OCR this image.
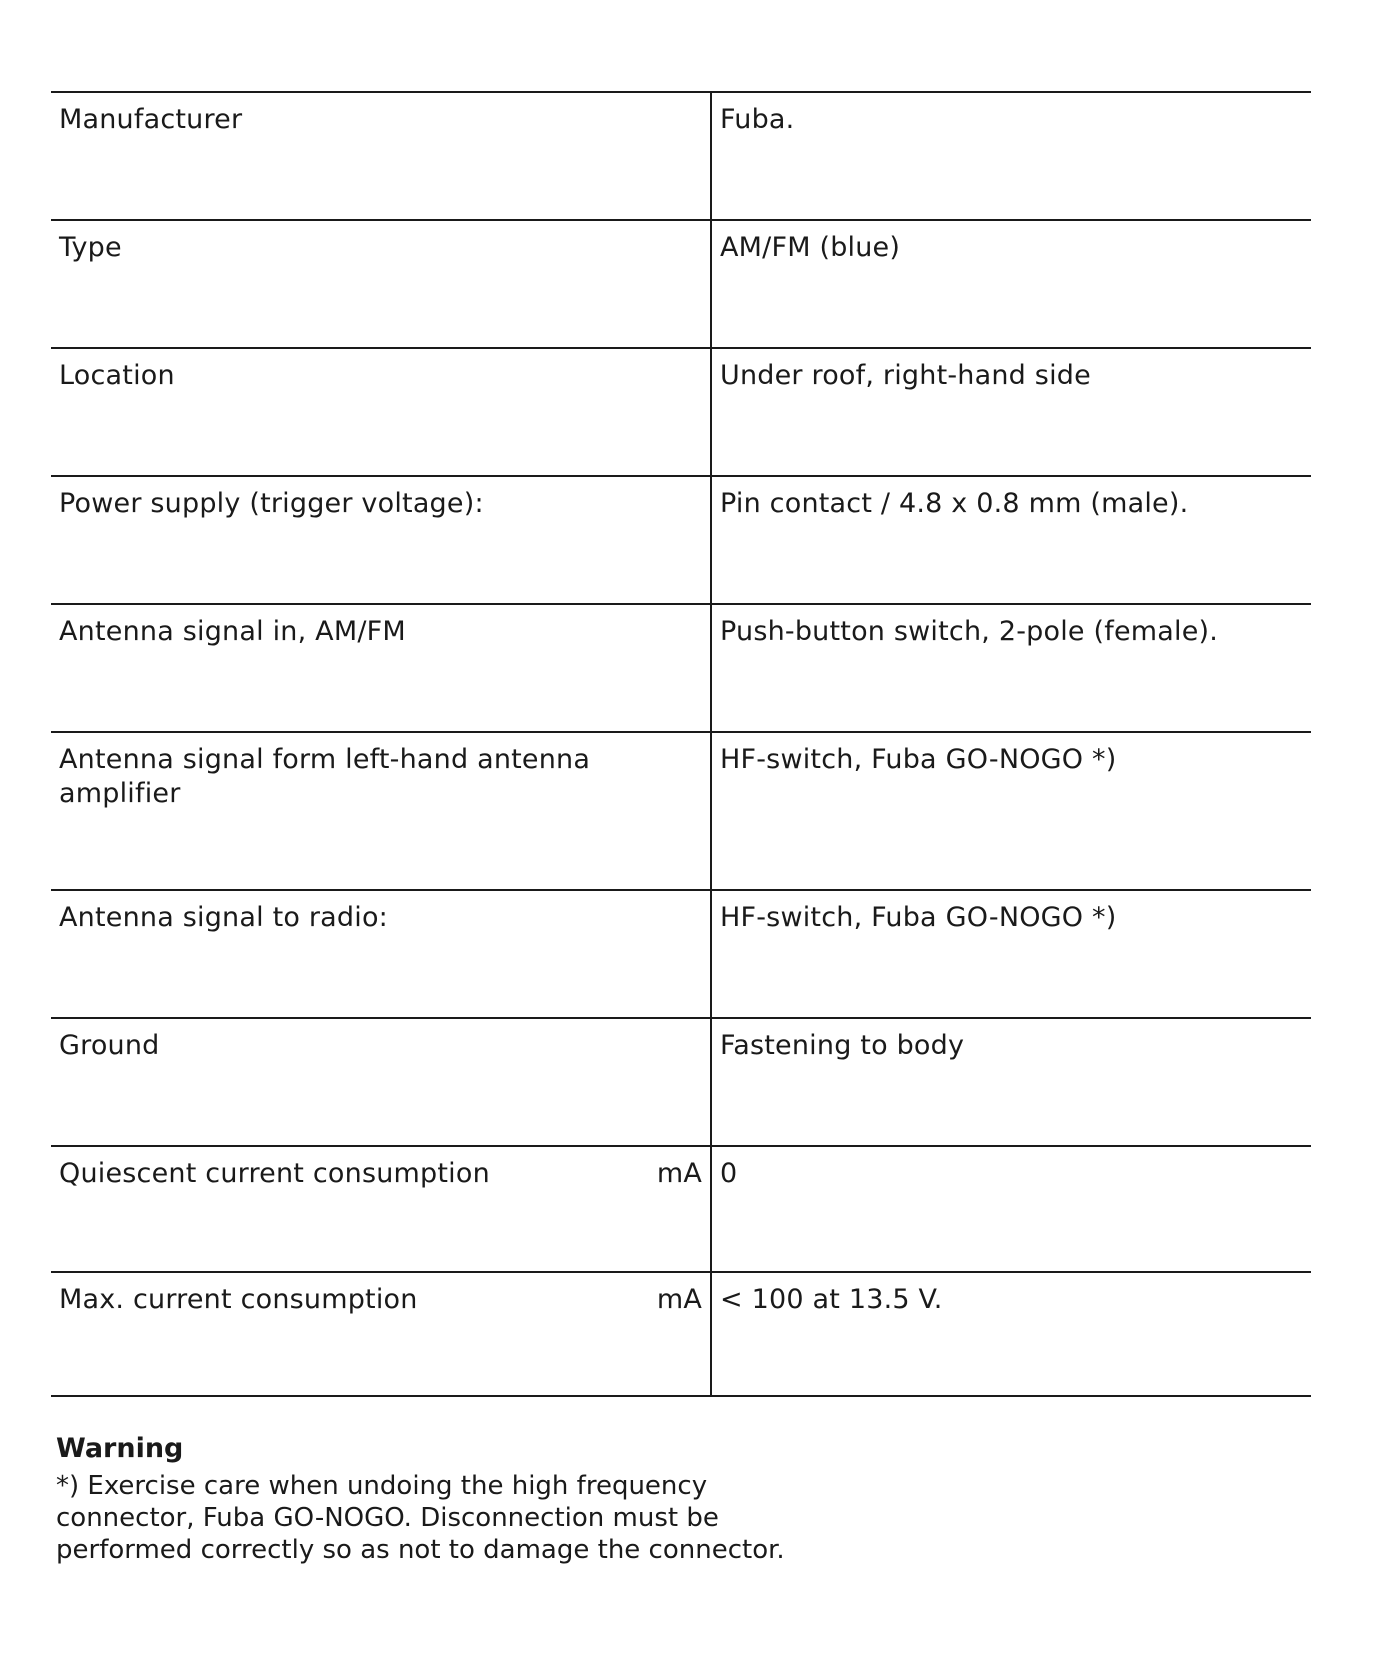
Manufacturer	Fuba.

Type	AM/FM (blue)

Location	Under roof, right-hand side

Power supply (trigger voltage):	Pin contact / 4.8 x 0.8 mm (male).

Antenna signal in, AM/FM	Push-button switch, 2-pole (female).

Antenna signal form left-hand antenna amplifier	HF-switch, Fuba GO-NOGO *)

Antenna signal to radio:	HF-switch, Fuba GO-NOGO *)

Ground	Fastening to body

Quiescent current consumption mA	0

Max. current consumption mA	< 100 at 13.5 V.

Warning

*) Exercise care when undoing the high frequency connector, Fuba GO-NOGO. Disconnection must be performed correctly so as not to damage the connector.
